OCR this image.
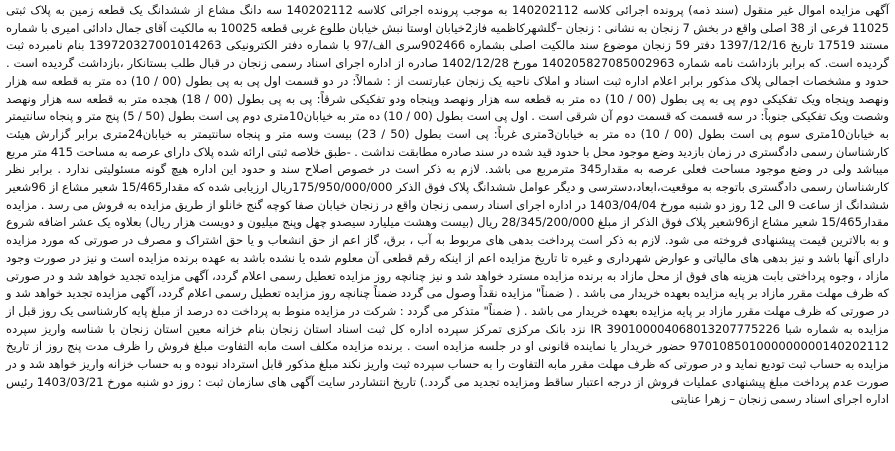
آگهی مزایده اموال غیر منقول (سند ذمه) پرونده اجرائی کلاسه 140202112 به موجب پرونده اجرائی کلاسه 140202112 سه دانگ مشاع از ششدانگ یک قطعه زمین به پلاک ثبتی 11025 فرعی از 38 اصلی واقع در بخش 7 زنجان به نشانی : زنجان –گلشهرکاظمیه فاز2خیابان اوستا نبش خیابان طلوع غربی قطعه 10025 به مالکیت آقای جمال دادائی امیری با شماره مستند 17519 تاریخ 1397/12/16 دفتر 59 زنجان موضوع سند مالکیت اصلی بشماره 902466سری الف/97 با شماره دفتر الکترونیکی 139720327001014263 بنام نامبرده ثبت گردیده است. که برابر بازداشت نامه شماره 140205827085002963 مورخ 1402/12/28 صادره از اداره اجرای اسناد رسمی زنجان در قبال طلب بستانکار ،بازداشت گردیده است . حدود و مشخصات اجمالی پلاک مذکور برابر اعلام اداره ثبت اسناد و املاک ناحیه یک زنجان عبارتست از : شمالاً: در دو قسمت اول پی به پی بطول (00 / 10) ده متر به قطعه سه هزار ونهصد وپنجاه ویک تفکیکی دوم پی به پی بطول (00 / 10) ده متر به قطعه سه هزار ونهصد وپنجاه ودو تفکیکی شرقاً: پی به پی بطول (00 / 18) هجده متر به قطعه سه هزار ونهصد وشصت ویک تفکیکی جنوباً: در سه قسمت که قسمت دوم آن شرقی است . اول پی است بطول (00 / 10) ده متر به خیابان10متری دوم پی است بطول (50 / 5) پنج متر و پنجاه سانتیمتر به خیابان10متری سوم پی است بطول (00 / 10) ده متر به خیابان3متری غرباً: پی است بطول (50 / 23) بیست وسه متر و پنجاه سانتیمتر به خیابان24متری برابر گزارش هیئت کارشناسان رسمی دادگستری در زمان بازدید وضع موجود محل با حدود قید شده در سند صادره مطابقت نداشت . -طبق خلاصه ثبتی ارائه شده پلاک دارای عرصه به مساحت 415 متر مربع میباشد ولی در وضع موجود مساحت فعلی عرصه به مقدار345 مترمربع می باشد. لازم به ذکر است در خصوص اصلاح سند و حدود این اداره هیچ گونه مسئولیتی ندارد . برابر نظر کارشناسان رسمی دادگستری باتوجه به موقعیت،ابعاد،دسترسی و دیگر عوامل ششدانگ پلاک فوق الذکر 175/950/000/000ریال ارزیابی شده که مقدار15/465 شعیر مشاع از 96شعیر ششدانگ از ساعت 9 الی 12 روز دو شنبه مورخ 1403/04/04 در اداره اجرای اسناد رسمی زنجان واقع در زنجان خیابان صفا کوچه گنج خانلو از طریق مزایده به فروش می رسد . مزایده مقدار15/465 شعیر مشاع از96شعیر پلاک فوق الذکر از مبلغ 28/345/200/000 ریال (بیست وهشت میلیارد سیصدو چهل وپنج میلیون و دویست هزار ریال) بعلاوه یک عشر اضافه شروع و به بالاترین قیمت پیشنهادی فروخته می شود. لازم به ذکر است پرداخت بدهی های مربوط به آب ، برق، گاز اعم از حق انشعاب و یا حق اشتراک و مصرف در صورتی که مورد مزایده دارای آنها باشد و نیز بدهی های مالیاتی و عوارض شهرداری و غیره تا تاریخ مزایده اعم از اینکه رقم قطعی آن معلوم شده یا نشده باشد به عهده برنده مزایده است و نیز در صورت وجود مازاد ، وجوه پرداختی بابت هزینه های فوق از محل مازاد به برنده مزایده مسترد خواهد شد و نیز چنانچه روز مزایده تعطیل رسمی اعلام گردد، آگهی مزایده تجدید خواهد شد و در صورتی که ظرف مهلت مقرر مازاد بر پایه مزایده بعهده خریدار می باشد . ( ضمناً" مزایده نقداً وصول می گردد ضمناً چنانچه روز مزایده تعطیل رسمی اعلام گردد، آگهی مزایده تجدید خواهد شد و در صورتی که ظرف مهلت مقرر مازاد بر پایه مزایده بعهده خریدار می باشد . ( ضمناً" متذکر می گردد : شرکت در مزایده منوط به پرداخت ده درصد از مبلغ پایه کارشناسی یک روز قبل از مزایده به شماره شبا IR 390100004068013207775226 نزد بانک مرکزی تمرکز سپرده اداره کل ثبت اسناد استان زنجان بنام خزانه معین استان زنجان با شناسه واریز سپرده 970108501000000000140202112 حضور خریدار یا نماینده قانونی او در جلسه مزایده است . برنده مزایده مکلف است مابه التفاوت مبلغ فروش را ظرف مدت پنج روز از تاریخ مزایده به حساب ثبت تودیع نماید و در صورتی که ظرف مهلت مقرر مابه التفاوت را به حساب سپرده ثبت واریز نکند مبلغ مذکور قابل استرداد نبوده و به حساب خزانه واریز خواهد شد و در صورت عدم پرداخت مبلغ پیشنهادی عملیات فروش از درجه اعتبار ساقط ومزایده تجدید می گردد.) تاریخ انتشاردر سایت آگهی های سازمان ثبت : روز دو شنبه مورخ 1403/03/21 رئیس اداره اجرای اسناد رسمی زنجان – زهرا عنایتی
